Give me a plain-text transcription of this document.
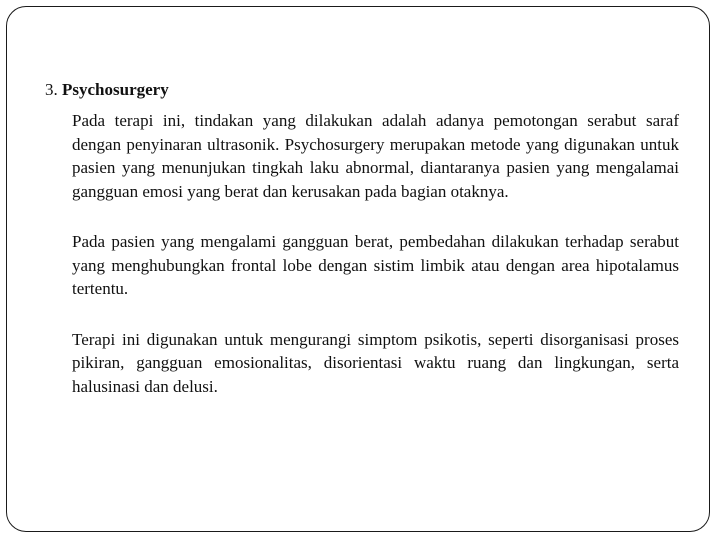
3. Psychosurgery

Pada terapi ini, tindakan yang dilakukan adalah adanya pemotongan serabut saraf dengan penyinaran ultrasonik. Psychosurgery merupakan metode yang digunakan untuk pasien yang menunjukan tingkah laku abnormal, diantaranya pasien yang mengalamai gangguan emosi yang berat dan kerusakan pada bagian otaknya.

Pada pasien yang mengalami gangguan berat, pembedahan dilakukan terhadap serabut yang menghubungkan frontal lobe dengan sistim limbik atau dengan area hipotalamus tertentu.

Terapi ini digunakan untuk mengurangi simptom psikotis, seperti disorganisasi proses pikiran, gangguan emosionalitas, disorientasi waktu ruang dan lingkungan, serta halusinasi dan delusi.
